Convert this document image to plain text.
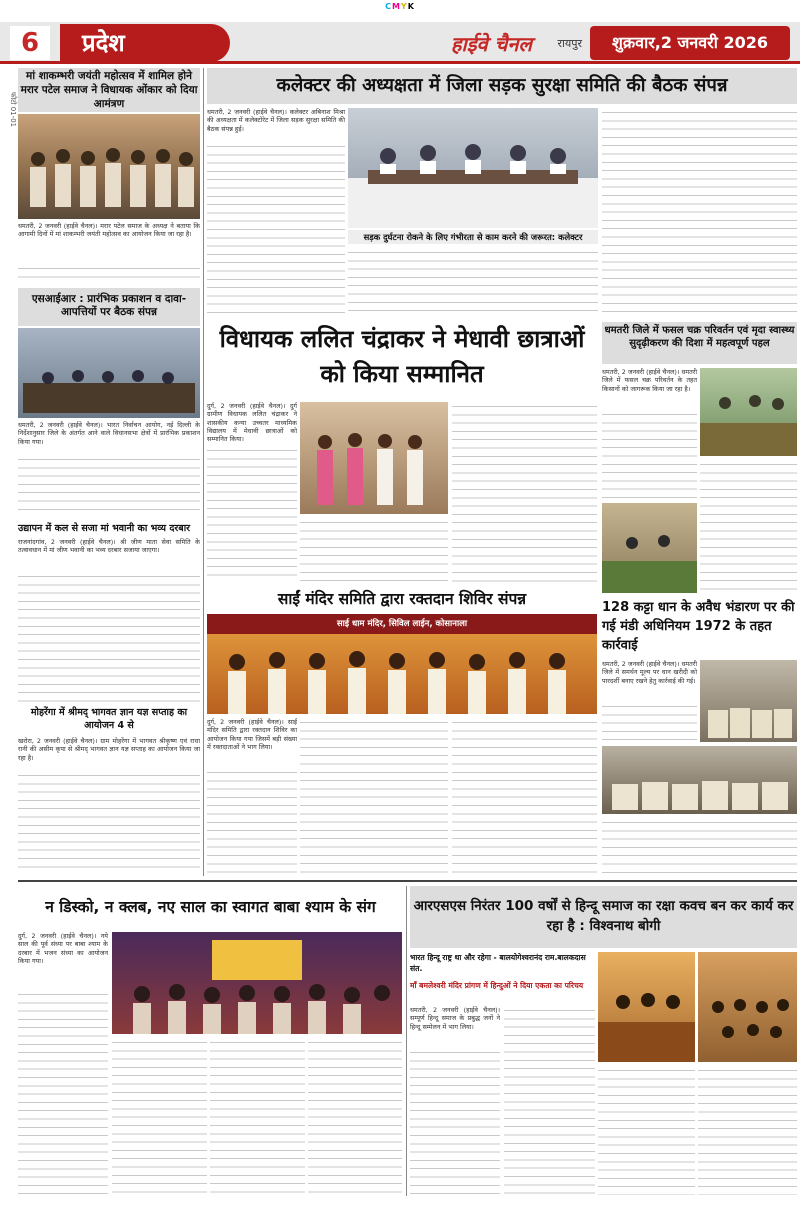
CMYK
6	प्रदेश	हाईवे चैनल रायपुर	शुक्रवार,2 जनवरी 2026
फोटो 01-01
मां शाकम्भरी जयंती महोत्सव में शामिल होने मरार पटेल समाज ने विधायक ओंकार को दिया आमंत्रण
धमतरी, 2 जनवरी (हाईवे चैनल)। मरार पटेल समाज के अध्यक्ष ने बताया कि आगामी दिनों में मां शाकम्भरी जयंती महोत्सव का आयोजन किया जा रहा है।
एसआईआर : प्रारंभिक प्रकाशन व दावा-आपत्तियों पर बैठक संपन्न
धमतरी, 2 जनवरी (हाईवे चैनल)। भारत निर्वाचन आयोग, नई दिल्ली के निर्देशानुसार जिले के अंतर्गत आने वाले विधानसभा क्षेत्रों में प्रारंभिक प्रकाशन किया गया।
उद्यापन में कल से सजा मां भवानी का भव्य दरबार
राजनांदगांव, 2 जनवरी (हाईवे चैनल)। श्री जीण माता सेवा समिति के तत्वावधान में मां जीण भवानी का भव्य दरबार सजाया जाएगा।
मोहरेंगा में श्रीमद् भागवत ज्ञान यज्ञ सप्ताह का आयोजन 4 से
खरोरा, 2 जनवरी (हाईवे चैनल)। ग्राम मोहरेंगा में भागवत श्रीकृष्ण एवं राधा रानी की असीम कृपा से श्रीमद् भागवत ज्ञान यज्ञ सप्ताह का आयोजन किया जा रहा है।
कलेक्टर की अध्यक्षता में जिला सड़क सुरक्षा समिति की बैठक संपन्न
धमतरी, 2 जनवरी (हाईवे चैनल)। कलेक्टर अबिनाश मिश्रा की अध्यक्षता में कलेक्टोरेट में जिला सड़क सुरक्षा समिति की बैठक संपन्न हुई।
सड़क दुर्घटना रोकने के लिए गंभीरता से काम करने की जरूरत: कलेक्टर
विधायक ललित चंद्राकर ने मेधावी छात्राओं को किया सम्मानित
दुर्ग, 2 जनवरी (हाईवे चैनल)। दुर्ग ग्रामीण विधायक ललित चंद्राकर ने शासकीय कन्या उच्चतर माध्यमिक विद्यालय में मेधावी छात्राओं को सम्मानित किया।
धमतरी जिले में फसल चक्र परिवर्तन एवं मृदा स्वास्थ्य सुदृढ़ीकरण की दिशा में महत्वपूर्ण पहल
धमतरी, 2 जनवरी (हाईवे चैनल)। धमतरी जिले में फसल चक्र परिवर्तन के तहत किसानों को जागरूक किया जा रहा है।
साईं मंदिर समिति द्वारा रक्तदान शिविर संपन्न
साई धाम मंदिर, सिविल लाईन, कोसानाला
दुर्ग, 2 जनवरी (हाईवे चैनल)। साईं मंदिर समिति द्वारा रक्तदान शिविर का आयोजन किया गया जिसमें बड़ी संख्या में रक्तदाताओं ने भाग लिया।
128 कट्टा धान के अवैध भंडारण पर की गई मंडी अधिनियम 1972 के तहत कार्रवाई
धमतरी, 2 जनवरी (हाईवे चैनल)। धमतरी जिले में समर्थन मूल्य पर धान खरीदी को पारदर्शी बनाए रखने हेतु कार्रवाई की गई।
न डिस्को, न क्लब, नए साल का स्वागत बाबा श्याम के संग
दुर्ग, 2 जनवरी (हाईवे चैनल)। नये साल की पूर्व संध्या पर बाबा श्याम के दरबार में भजन संध्या का आयोजन किया गया।
आरएसएस निरंतर 100 वर्षों से हिन्दू समाज का रक्षा कवच बन कर कार्य कर रहा है : विश्वनाथ बोगी
भारत हिन्दू राष्ट्र था और रहेगा - बालयोगेश्वरानंद राम.बालकदास संत.
माँ बमलेश्वरी मंदिर प्रांगण में हिन्दुओं ने दिया एकता का परिचय
धमतरी, 2 जनवरी (हाईवे चैनल)। सम्पूर्ण हिन्दू समाज के प्रबुद्ध जनों ने हिन्दू सम्मेलन में भाग लिया।
